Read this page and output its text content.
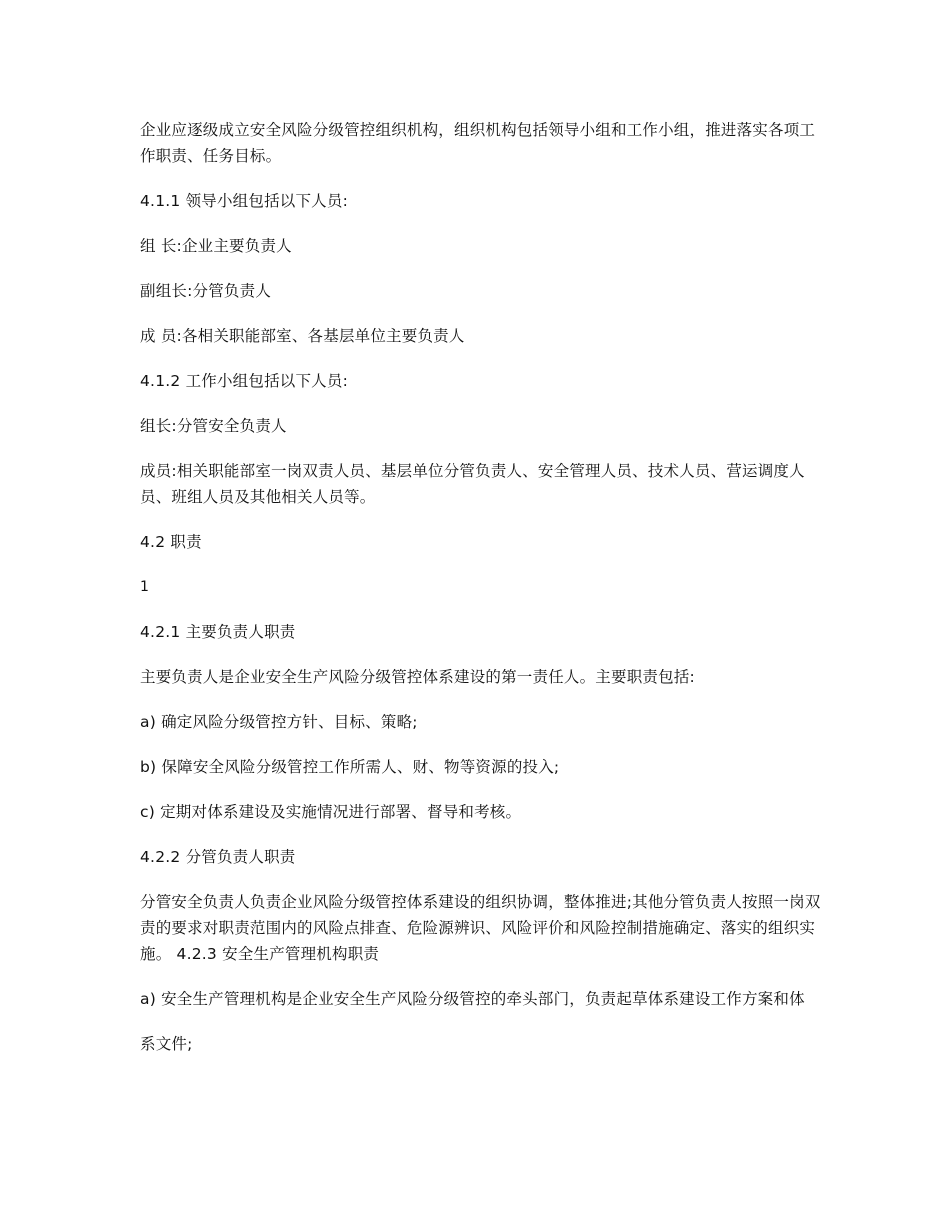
企业应逐级成立安全风险分级管控组织机构，组织机构包括领导小组和工作小组，推进落实各项工作职责、任务目标。

4.1.1 领导小组包括以下人员:

组 长:企业主要负责人

副组长:分管负责人

成 员:各相关职能部室、各基层单位主要负责人

4.1.2 工作小组包括以下人员:

组长:分管安全负责人

成员:相关职能部室一岗双责人员、基层单位分管负责人、安全管理人员、技术人员、营运调度人员、班组人员及其他相关人员等。

4.2 职责

1

4.2.1 主要负责人职责

主要负责人是企业安全生产风险分级管控体系建设的第一责任人。主要职责包括:

a) 确定风险分级管控方针、目标、策略;

b) 保障安全风险分级管控工作所需人、财、物等资源的投入;

c) 定期对体系建设及实施情况进行部署、督导和考核。

4.2.2 分管负责人职责

分管安全负责人负责企业风险分级管控体系建设的组织协调，整体推进;其他分管负责人按照一岗双责的要求对职责范围内的风险点排查、危险源辨识、风险评价和风险控制措施确定、落实的组织实施。 4.2.3 安全生产管理机构职责

a) 安全生产管理机构是企业安全生产风险分级管控的牵头部门，负责起草体系建设工作方案和体

系文件;
